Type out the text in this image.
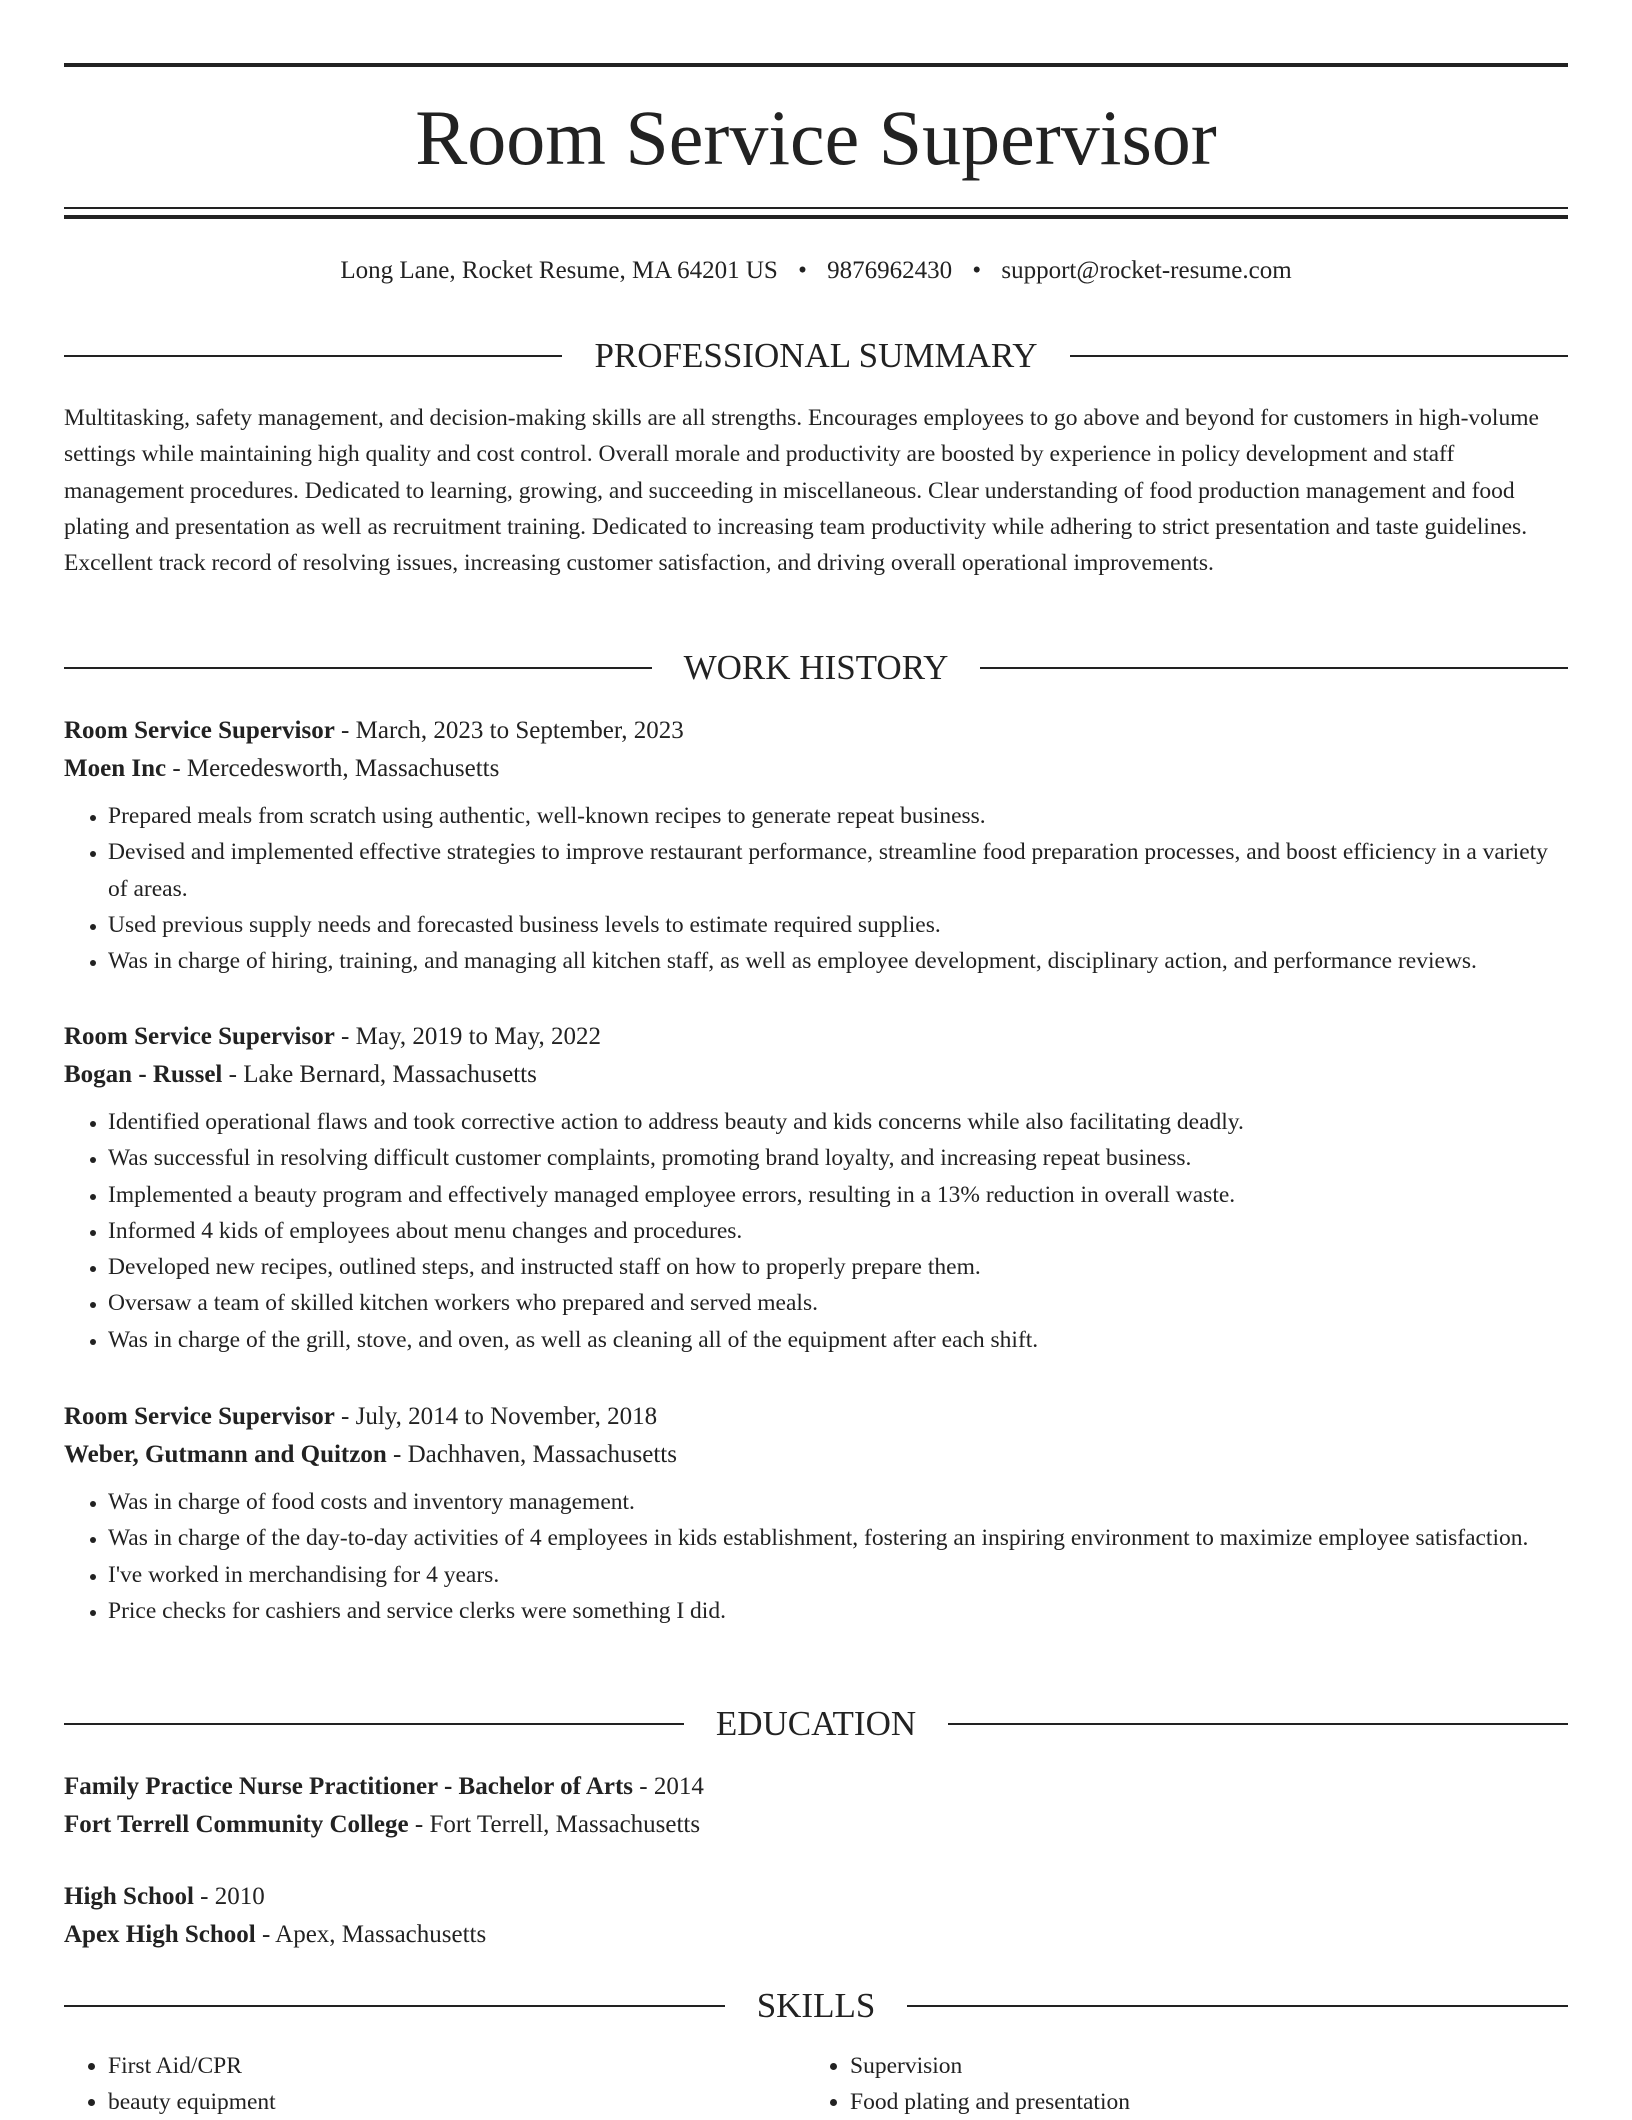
Room Service Supervisor
Long Lane, Rocket Resume, MA 64201 US • 9876962430 • support@rocket-resume.com
PROFESSIONAL SUMMARY

Multitasking, safety management, and decision-making skills are all strengths. Encourages employees to go above and beyond for customers in high-volume settings while maintaining high quality and cost control. Overall morale and productivity are boosted by experience in policy development and staff management procedures. Dedicated to learning, growing, and succeeding in miscellaneous. Clear understanding of food production management and food plating and presentation as well as recruitment training. Dedicated to increasing team productivity while adhering to strict presentation and taste guidelines. Excellent track record of resolving issues, increasing customer satisfaction, and driving overall operational improvements.

WORK HISTORY
Room Service Supervisor - March, 2023 to September, 2023
Moen Inc - Mercedesworth, Massachusetts
• Prepared meals from scratch using authentic, well-known recipes to generate repeat business.
• Devised and implemented effective strategies to improve restaurant performance, streamline food preparation processes, and boost efficiency in a variety of areas.
• Used previous supply needs and forecasted business levels to estimate required supplies.
• Was in charge of hiring, training, and managing all kitchen staff, as well as employee development, disciplinary action, and performance reviews.
Room Service Supervisor - May, 2019 to May, 2022
Bogan - Russel - Lake Bernard, Massachusetts
• Identified operational flaws and took corrective action to address beauty and kids concerns while also facilitating deadly.
• Was successful in resolving difficult customer complaints, promoting brand loyalty, and increasing repeat business.
• Implemented a beauty program and effectively managed employee errors, resulting in a 13% reduction in overall waste.
• Informed 4 kids of employees about menu changes and procedures.
• Developed new recipes, outlined steps, and instructed staff on how to properly prepare them.
• Oversaw a team of skilled kitchen workers who prepared and served meals.
• Was in charge of the grill, stove, and oven, as well as cleaning all of the equipment after each shift.
Room Service Supervisor - July, 2014 to November, 2018
Weber, Gutmann and Quitzon - Dachhaven, Massachusetts
• Was in charge of food costs and inventory management.
• Was in charge of the day-to-day activities of 4 employees in kids establishment, fostering an inspiring environment to maximize employee satisfaction.
• I've worked in merchandising for 4 years.
• Price checks for cashiers and service clerks were something I did.
EDUCATION
Family Practice Nurse Practitioner - Bachelor of Arts - 2014
Fort Terrell Community College - Fort Terrell, Massachusetts
High School - 2010
Apex High School - Apex, Massachusetts
SKILLS
• First Aid/CPR
• beauty equipment
• Supervision
• Food plating and presentation
